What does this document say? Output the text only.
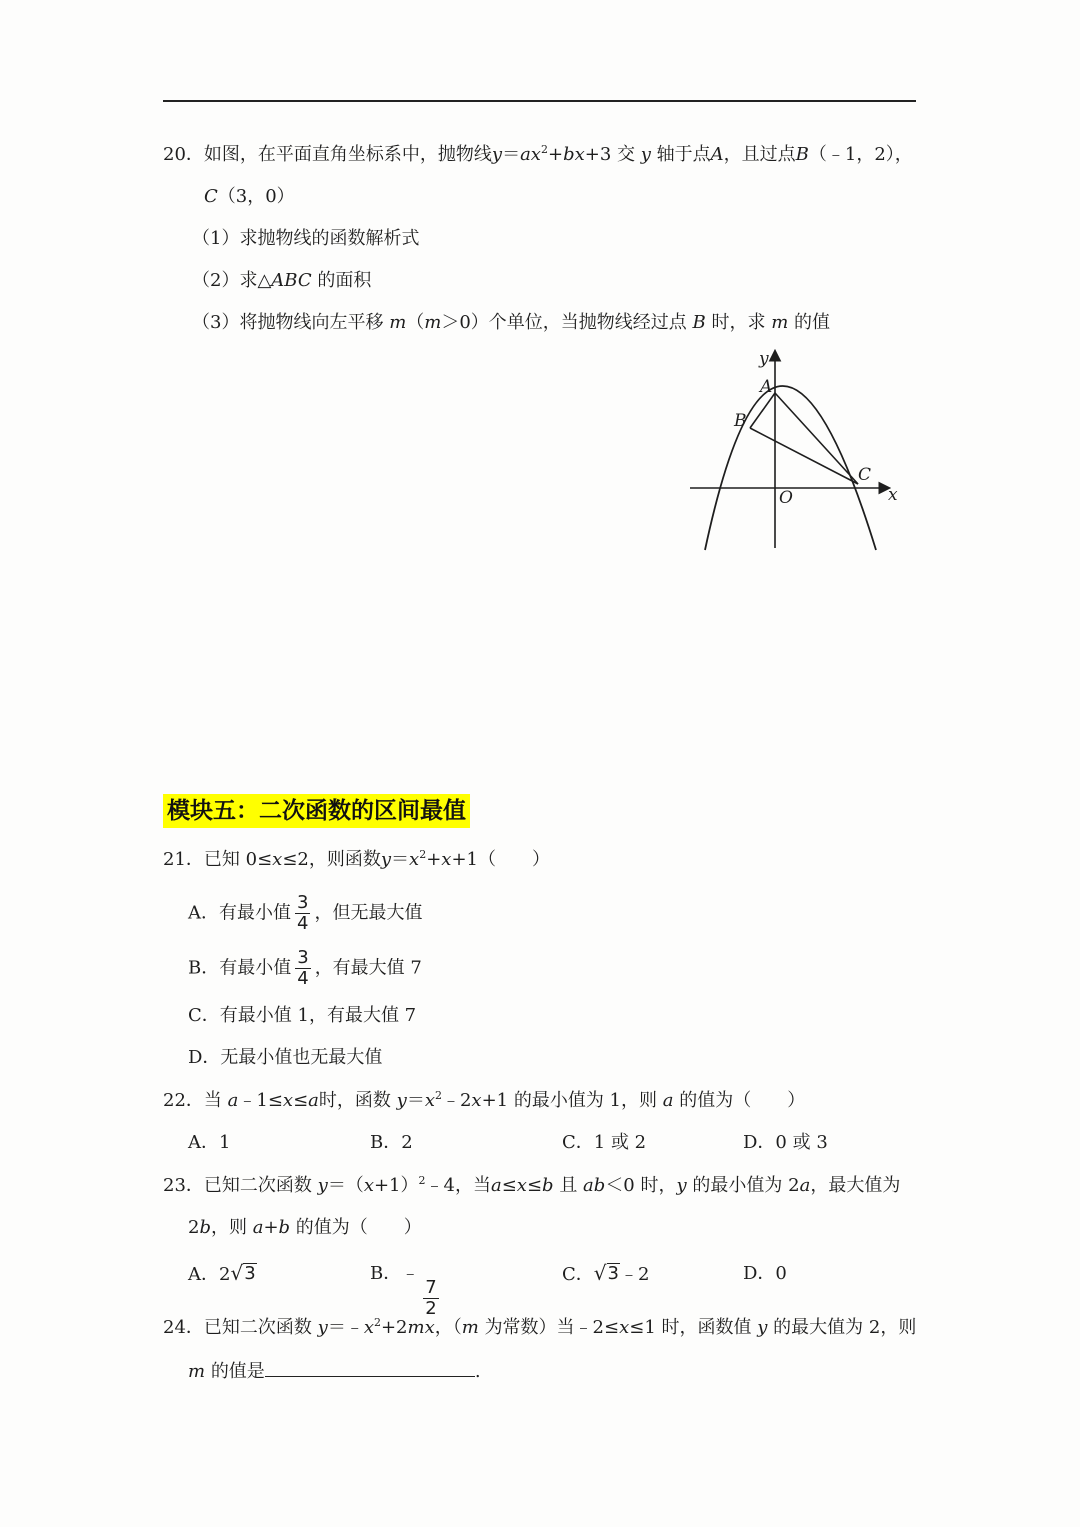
20．如图，在平面直角坐标系中，抛物线$y=ax^2+bx+3$ 交 y 轴于点A，且过点B（﹣1，2），
C（3，0）
（1）求抛物线的函数解析式
（2）求△ABC 的面积
（3）将抛物线向左平移 m（m＞0）个单位，当抛物线经过点 B 时，求 m 的值
y
x
A
B
C
O
模块五：二次函数的区间最值
21．已知 0≤x≤2，则函数$y=x^2+x+1$（　　）
A．有最小值 $\frac{3}{4}$ ，但无最大值
B．有最小值 $\frac{3}{4}$ ，有最大值 7
C．有最小值 1，有最大值 7
D．无最小值也无最大值
22．当 a﹣1≤x≤a时，函数 $y=x^2﹣2x+1$ 的最小值为 1，则 a 的值为（　　）
A．1	B．2	C．1 或 2	D．0 或 3
23．已知二次函数 $y=(x+1)^2﹣4$，当a≤x≤b 且 ab＜0 时，y 的最小值为 2a，最大值为
2b，则 a+b 的值为（　　）
A．2 √ 3	B．﹣
$\frac{7}{2}$
C． √ 3 ﹣2	D．0
24．已知二次函数 $y=﹣x^2+2mx$，（m 为常数）当﹣2≤x≤1 时，函数值 y 的最大值为 2，则
m 的值是	.
